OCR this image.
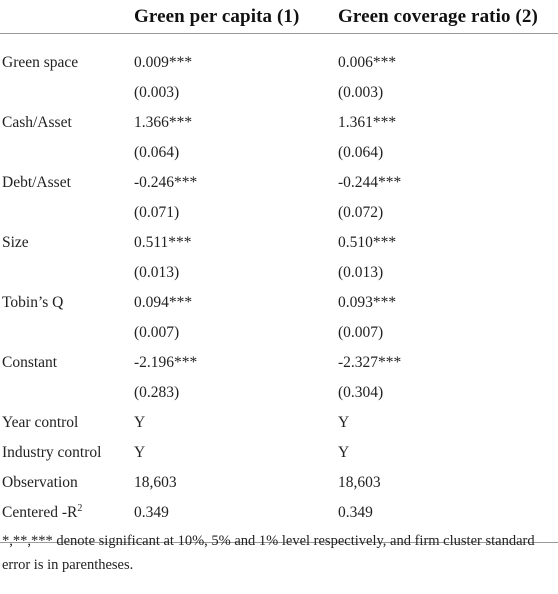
	Green per capita (1)	Green coverage ratio (2)

Green space	0.009***	0.006***
	(0.003)	(0.003)
Cash/Asset	1.366***	1.361***
	(0.064)	(0.064)
Debt/Asset	-0.246***	-0.244***
	(0.071)	(0.072)
Size	0.511***	0.510***
	(0.013)	(0.013)
Tobin’s Q	0.094***	0.093***
	(0.007)	(0.007)
Constant	-2.196***	-2.327***
	(0.283)	(0.304)
Year control	Y	Y
Industry control	Y	Y
Observation	18,603	18,603
Centered $-R^2$	0.349	0.349

*,**,*** denote significant at 10%, 5% and 1% level respectively, and firm cluster standard error is in parentheses.
